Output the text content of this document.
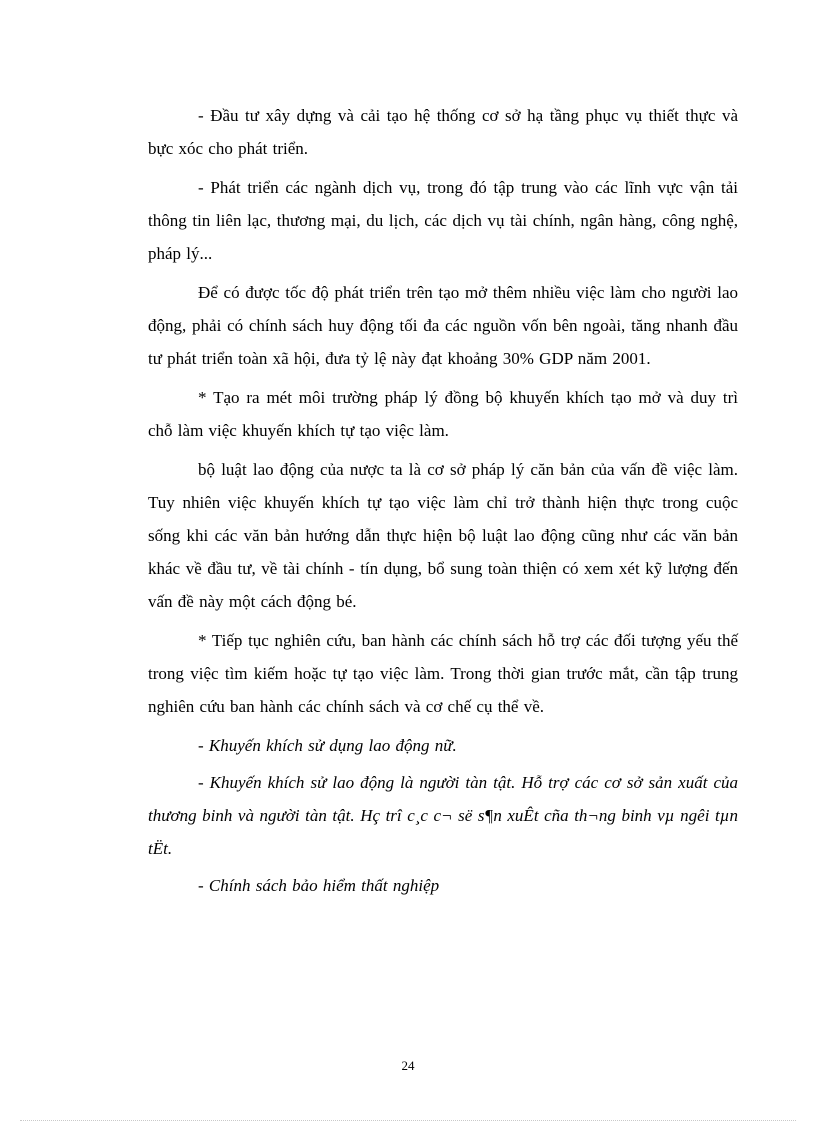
- Đầu tư xây dựng và cải tạo hệ thống cơ sở hạ tầng phục vụ thiết thực và bực xóc cho phát triển.

- Phát triển các ngành dịch vụ, trong đó tập trung vào các lĩnh vực vận tải thông tin liên lạc, thương mại, du lịch, các dịch vụ tài chính, ngân hàng, công nghệ, pháp lý...

Để có được tốc độ phát triển trên tạo mở thêm nhiều việc làm cho người lao động, phải có chính sách huy động tối đa các nguồn vốn bên ngoài, tăng nhanh đầu tư phát triển toàn xã hội, đưa tỷ lệ này đạt khoảng 30% GDP năm 2001.

* Tạo ra mét môi trường pháp lý đồng bộ khuyến khích tạo mở và duy trì chỗ làm việc khuyến khích tự tạo việc làm.

bộ luật lao động của nược ta là cơ sở pháp lý căn bản của vấn đề việc làm. Tuy nhiên việc khuyến khích tự tạo việc làm chỉ trở thành hiện thực trong cuộc sống khi các văn bản hướng dẫn thực hiện bộ luật lao động cũng như các văn bản khác về đầu tư, về tài chính - tín dụng, bổ sung toàn thiện có xem xét kỹ lượng đến vấn đề này một cách động bé.

* Tiếp tục nghiên cứu, ban hành các chính sách hỗ trợ các đối tượng yếu thế trong việc tìm kiếm hoặc tự tạo việc làm. Trong thời gian trước mắt, cần tập trung nghiên cứu ban hành các chính sách và cơ chế cụ thể về.

- Khuyến khích sử dụng lao động nữ.

- Khuyến khích sử lao động là người tàn tật. Hỗ trợ các cơ sở sản xuất của thương binh và người tàn tật. Hç trî c¸c c¬ së s¶n xuÊt cña th¬ng binh vµ ngêi tµn tËt.

- Chính sách bảo hiểm thất nghiệp

24
